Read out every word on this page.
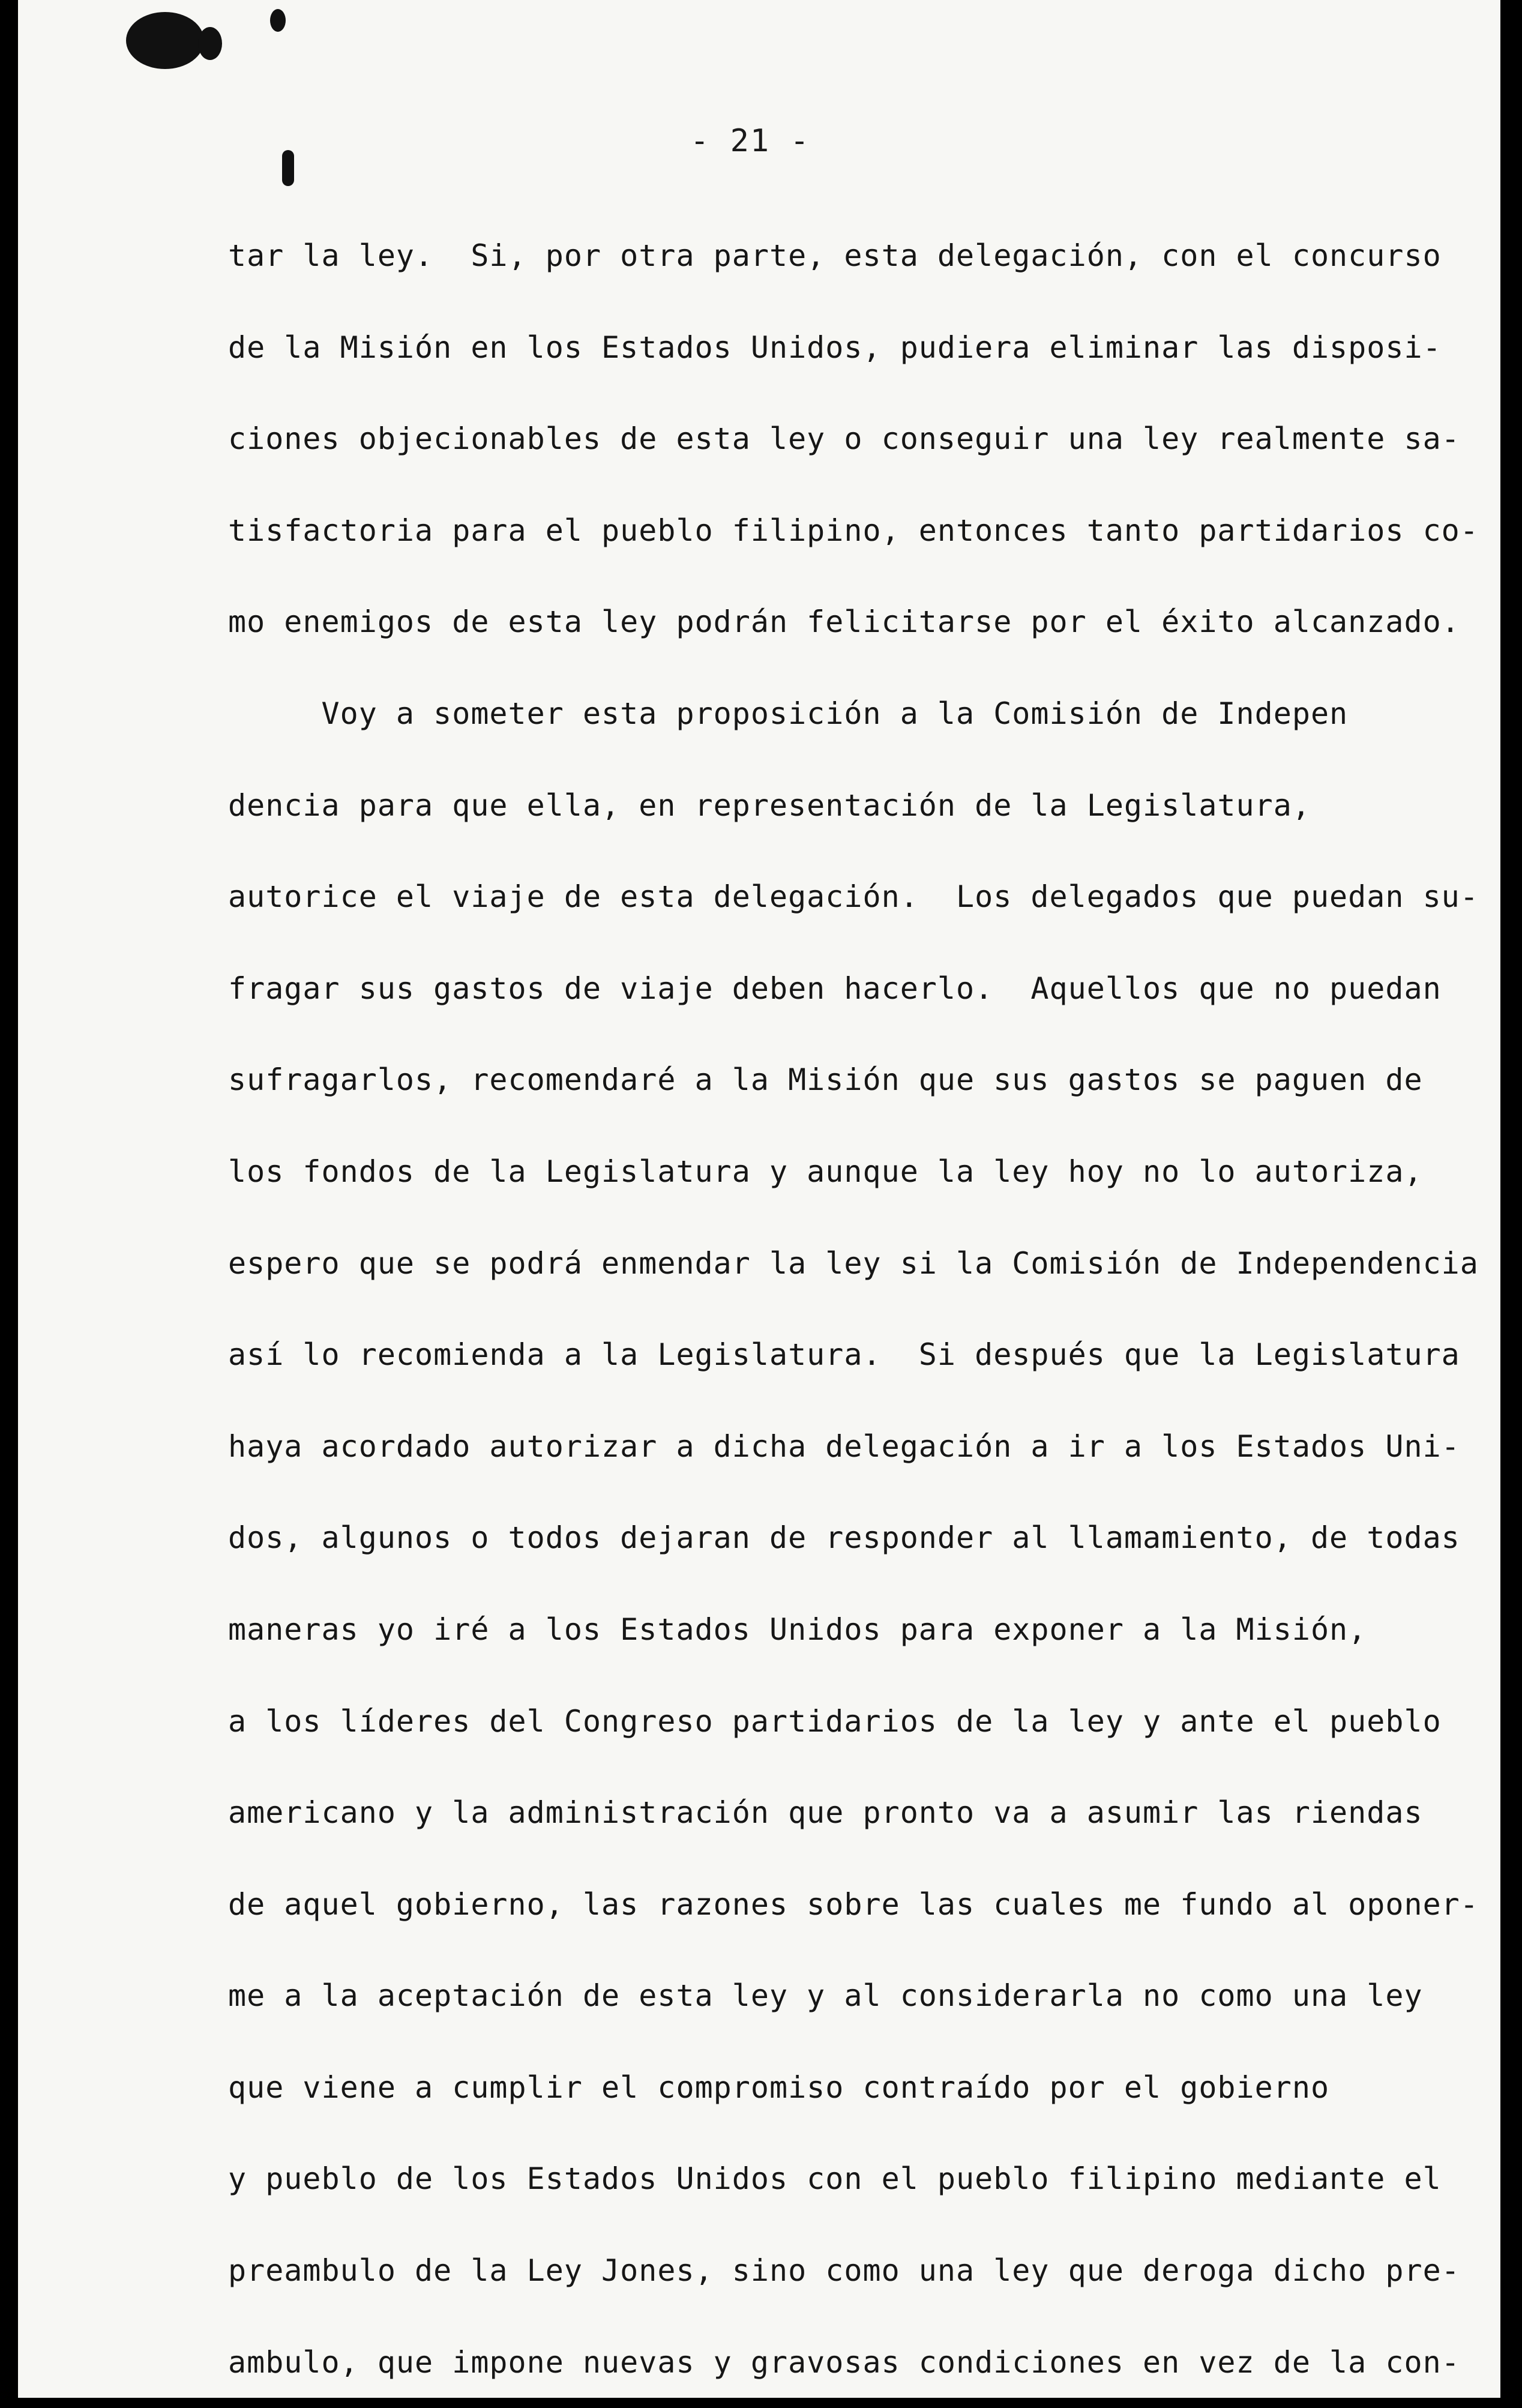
- 21 -
tar la ley.  Si, por otra parte, esta delegación, con el concurso
de la Misión en los Estados Unidos, pudiera eliminar las disposi-
ciones objecionables de esta ley o conseguir una ley realmente sa-
tisfactoria para el pueblo filipino, entonces tanto partidarios co-
mo enemigos de esta ley podrán felicitarse por el éxito alcanzado.
Voy a someter esta proposición a la Comisión de Indepen
dencia para que ella, en representación de la Legislatura,
autorice el viaje de esta delegación.  Los delegados que puedan su-
fragar sus gastos de viaje deben hacerlo.  Aquellos que no puedan
sufragarlos, recomendaré a la Misión que sus gastos se paguen de
los fondos de la Legislatura y aunque la ley hoy no lo autoriza,
espero que se podrá enmendar la ley si la Comisión de Independencia
así lo recomienda a la Legislatura.  Si después que la Legislatura
haya acordado autorizar a dicha delegación a ir a los Estados Uni-
dos, algunos o todos dejaran de responder al llamamiento, de todas
maneras yo iré a los Estados Unidos para exponer a la Misión,
a los líderes del Congreso partidarios de la ley y ante el pueblo
americano y la administración que pronto va a asumir las riendas
de aquel gobierno, las razones sobre las cuales me fundo al oponer-
me a la aceptación de esta ley y al considerarla no como una ley
que viene a cumplir el compromiso contraído por el gobierno
y pueblo de los Estados Unidos con el pueblo filipino mediante el
preambulo de la Ley Jones, sino como una ley que deroga dicho pre-
ambulo, que impone nuevas y gravosas condiciones en vez de la con-
